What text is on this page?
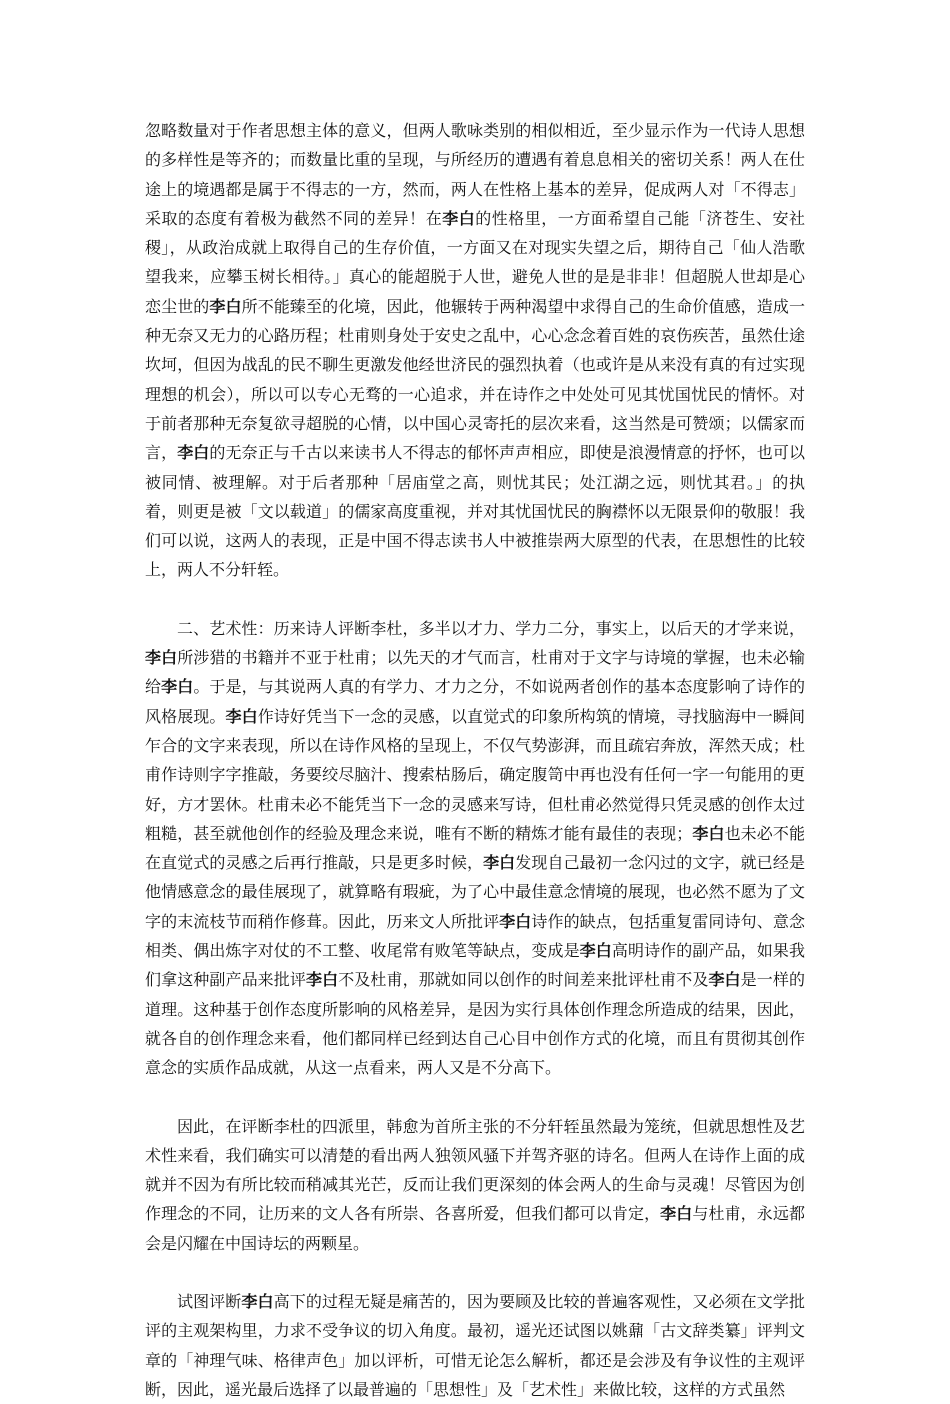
忽略数量对于作者思想主体的意义，但两人歌咏类别的相似相近，至少显示作为一代诗人思想的多样性是等齐的；而数量比重的呈现，与所经历的遭遇有着息息相关的密切关系！两人在仕途上的境遇都是属于不得志的一方，然而，两人在性格上基本的差异，促成两人对「不得志」采取的态度有着极为截然不同的差异！在李白的性格里，一方面希望自己能「济苍生、安社稷」，从政治成就上取得自己的生存价值，一方面又在对现实失望之后，期待自己「仙人浩歌望我来，应攀玉树长相待。」真心的能超脱于人世，避免人世的是是非非！但超脱人世却是心恋尘世的李白所不能臻至的化境，因此，他辗转于两种渴望中求得自己的生命价值感，造成一种无奈又无力的心路历程；杜甫则身处于安史之乱中，心心念念着百姓的哀伤疾苦，虽然仕途坎坷，但因为战乱的民不聊生更激发他经世济民的强烈执着（也或许是从来没有真的有过实现理想的机会），所以可以专心无骛的一心追求，并在诗作之中处处可见其忧国忧民的情怀。对于前者那种无奈复欲寻超脱的心情，以中国心灵寄托的层次来看，这当然是可赞颂；以儒家而言，李白的无奈正与千古以来读书人不得志的郁怀声声相应，即使是浪漫情意的抒怀，也可以被同情、被理解。对于后者那种「居庙堂之高，则忧其民；处江湖之远，则忧其君。」的执着，则更是被「文以载道」的儒家高度重视，并对其忧国忧民的胸襟怀以无限景仰的敬服！我们可以说，这两人的表现，正是中国不得志读书人中被推崇两大原型的代表，在思想性的比较上，两人不分轩轾。

二、艺术性：历来诗人评断李杜，多半以才力、学力二分，事实上，以后天的才学来说，李白所涉猎的书籍并不亚于杜甫；以先天的才气而言，杜甫对于文字与诗境的掌握，也未必输给李白。于是，与其说两人真的有学力、才力之分，不如说两者创作的基本态度影响了诗作的风格展现。李白作诗好凭当下一念的灵感，以直觉式的印象所构筑的情境，寻找脑海中一瞬间乍合的文字来表现，所以在诗作风格的呈现上，不仅气势澎湃，而且疏宕奔放，浑然天成；杜甫作诗则字字推敲，务要绞尽脑汁、搜索枯肠后，确定腹笥中再也没有任何一字一句能用的更好，方才罢休。杜甫未必不能凭当下一念的灵感来写诗，但杜甫必然觉得只凭灵感的创作太过粗糙，甚至就他创作的经验及理念来说，唯有不断的精炼才能有最佳的表现；李白也未必不能在直觉式的灵感之后再行推敲，只是更多时候，李白发现自己最初一念闪过的文字，就已经是他情感意念的最佳展现了，就算略有瑕疵，为了心中最佳意念情境的展现，也必然不愿为了文字的末流枝节而稍作修葺。因此，历来文人所批评李白诗作的缺点，包括重复雷同诗句、意念相类、偶出炼字对仗的不工整、收尾常有败笔等缺点，变成是李白高明诗作的副产品，如果我们拿这种副产品来批评李白不及杜甫，那就如同以创作的时间差来批评杜甫不及李白是一样的道理。这种基于创作态度所影响的风格差异，是因为实行具体创作理念所造成的结果，因此，就各自的创作理念来看，他们都同样已经到达自己心目中创作方式的化境，而且有贯彻其创作意念的实质作品成就，从这一点看来，两人又是不分高下。

因此，在评断李杜的四派里，韩愈为首所主张的不分轩轾虽然最为笼统，但就思想性及艺术性来看，我们确实可以清楚的看出两人独领风骚下并驾齐驱的诗名。但两人在诗作上面的成就并不因为有所比较而稍减其光芒，反而让我们更深刻的体会两人的生命与灵魂！尽管因为创作理念的不同，让历来的文人各有所崇、各喜所爱，但我们都可以肯定，李白与杜甫，永远都会是闪耀在中国诗坛的两颗星。

试图评断李白高下的过程无疑是痛苦的，因为要顾及比较的普遍客观性，又必须在文学批评的主观架构里，力求不受争议的切入角度。最初，遥光还试图以姚鼐「古文辞类纂」评判文章的「神理气味、格律声色」加以评析，可惜无论怎么解析，都还是会涉及有争议性的主观评断，因此，遥光最后选择了以最普遍的「思想性」及「艺术性」来做比较，这样的方式虽然
